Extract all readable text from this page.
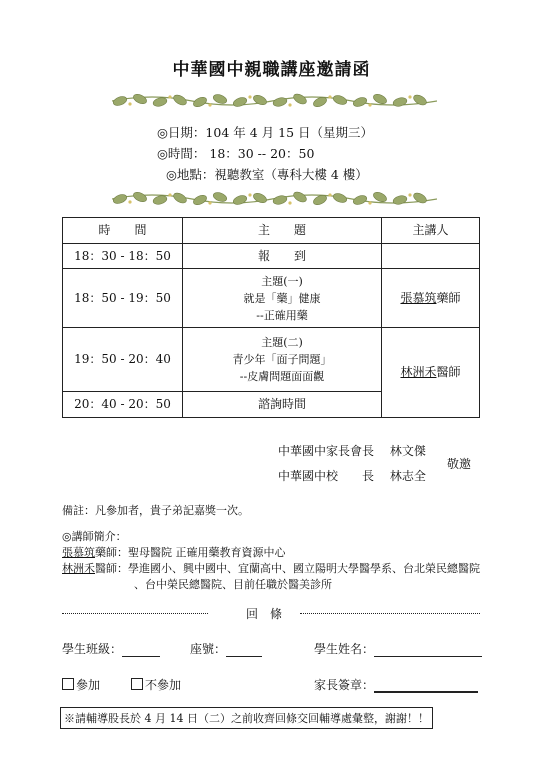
中華國中親職講座邀請函
◎日期：104 年 4 月 15 日（星期三）
◎時間： 18：30 -- 20：50
◎地點：視聽教室（專科大樓 4 樓）
時　　間	主　　題	主講人
18：30 - 18：50	報　　到	

18：50 - 19：50	主題(一)
就是「藥」健康
--正確用藥	張慕筑藥師
19：50 - 20：40	主題(二)
青少年「面子問題」
--皮膚問題面面觀	林洲禾醫師
20：40 - 20：50	諮詢時間	
中華國中家長會長 林文傑
中華國中校　　長 林志全
敬邀
備註：凡參加者，貴子弟記嘉獎一次。
◎講師簡介：
張慕筑藥師：聖母醫院 正確用藥教育資源中心
林洲禾醫師：學進國小、興中國中、宜蘭高中、國立陽明大學醫學系、台北榮民總醫院
、台中榮民總醫院、目前任職於醫美診所
回　條
學生班級：	座號：	學生姓名：
參加	不參加	家長簽章：
※請輔導股長於 4 月 14 日（二）之前收齊回條交回輔導處彙整，謝謝！！
